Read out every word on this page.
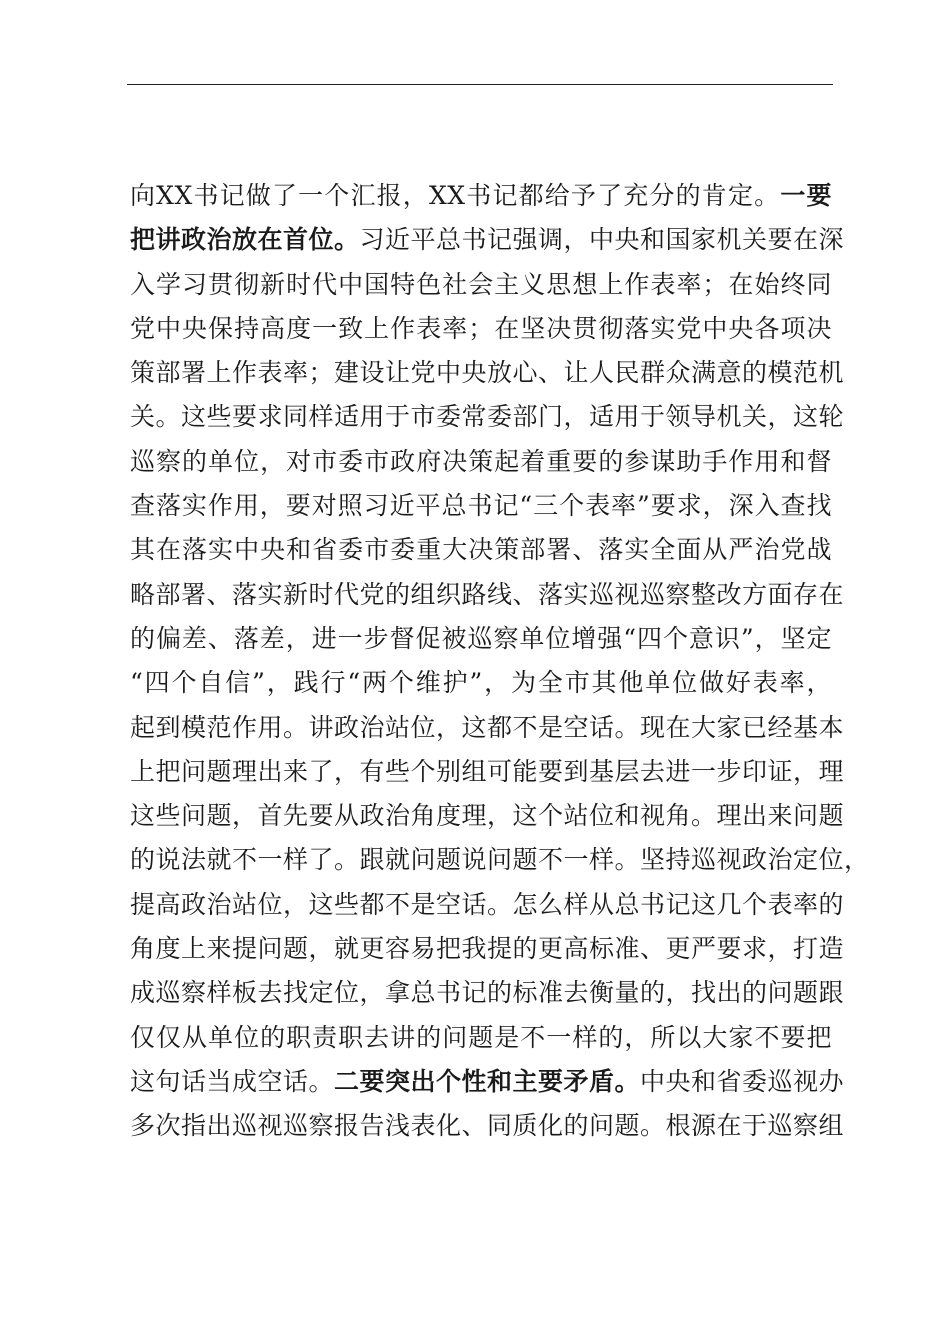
向XX书记做了一个汇报，XX书记都给予了充分的肯定。一要
把讲政治放在首位。习近平总书记强调，中央和国家机关要在深
入学习贯彻新时代中国特色社会主义思想上作表率；在始终同
党中央保持高度一致上作表率；在坚决贯彻落实党中央各项决
策部署上作表率；建设让党中央放心、让人民群众满意的模范机
关。这些要求同样适用于市委常委部门，适用于领导机关，这轮
巡察的单位，对市委市政府决策起着重要的参谋助手作用和督
查落实作用，要对照习近平总书记“三个表率”要求，深入查找
其在落实中央和省委市委重大决策部署、落实全面从严治党战
略部署、落实新时代党的组织路线、落实巡视巡察整改方面存在
的偏差、落差，进一步督促被巡察单位增强“四个意识”，坚定
“四个自信”，践行“两个维护”，为全市其他单位做好表率，
起到模范作用。讲政治站位，这都不是空话。现在大家已经基本
上把问题理出来了，有些个别组可能要到基层去进一步印证，理
这些问题，首先要从政治角度理，这个站位和视角。理出来问题
的说法就不一样了。跟就问题说问题不一样。坚持巡视政治定位，
提高政治站位，这些都不是空话。怎么样从总书记这几个表率的
角度上来提问题，就更容易把我提的更高标准、更严要求，打造
成巡察样板去找定位，拿总书记的标准去衡量的，找出的问题跟
仅仅从单位的职责职去讲的问题是不一样的，所以大家不要把
这句话当成空话。二要突出个性和主要矛盾。中央和省委巡视办
多次指出巡视巡察报告浅表化、同质化的问题。根源在于巡察组
